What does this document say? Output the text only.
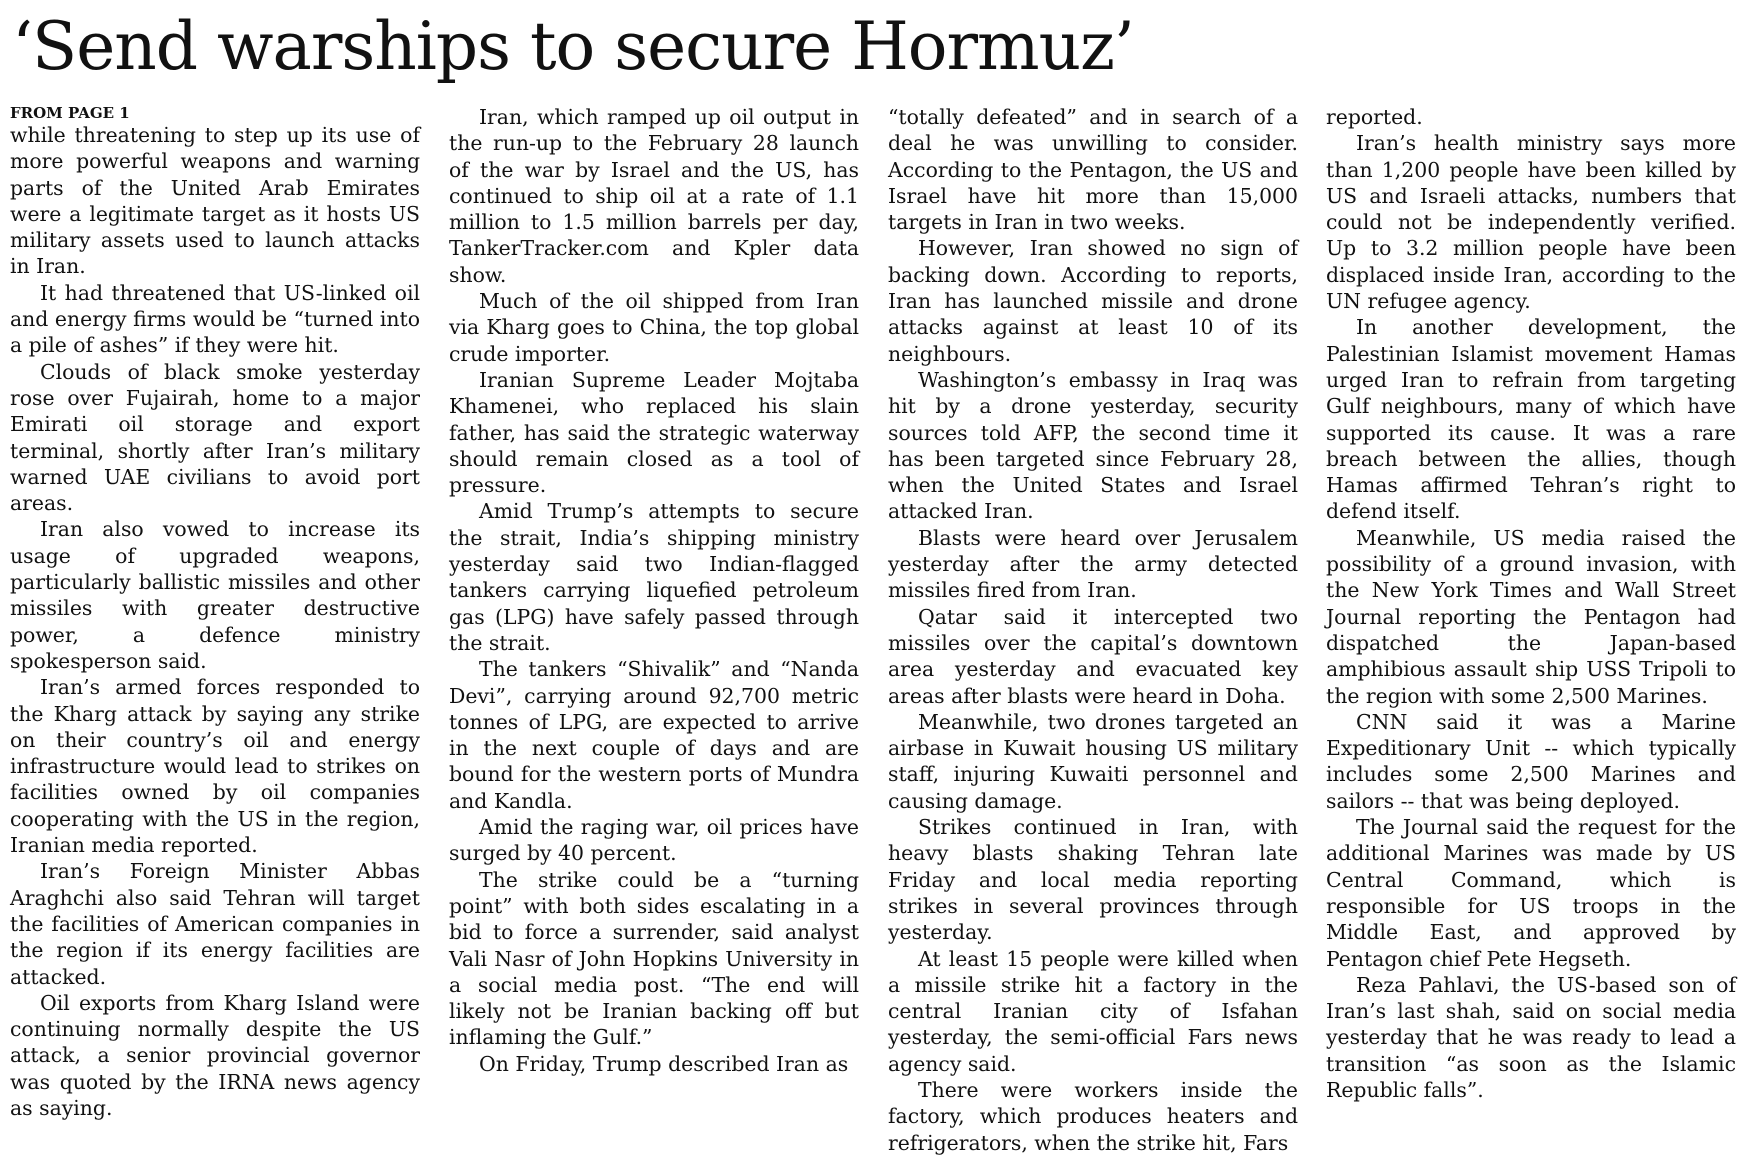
‘Send warships to secure Hormuz’
FROM PAGE 1

while threatening to step up its use of more powerful weapons and warning parts of the United Arab Emirates were a legitimate target as it hosts US military assets used to launch attacks in Iran.

It had threatened that US-linked oil and energy firms would be “turned into a pile of ashes” if they were hit.

Clouds of black smoke yesterday rose over Fujairah, home to a major Emirati oil storage and export terminal, shortly after Iran’s military warned UAE civilians to avoid port areas.

Iran also vowed to increase its usage of upgraded weapons, particularly ballistic missiles and other missiles with greater destructive power, a defence ministry spokesperson said.

Iran’s armed forces responded to the Kharg attack by saying any strike on their country’s oil and energy infrastructure would lead to strikes on facilities owned by oil companies cooperating with the US in the region, Iranian media reported.

Iran’s Foreign Minister Abbas Araghchi also said Tehran will target the facilities of American companies in the region if its energy facilities are attacked.

Oil exports from Kharg Island were continuing normally despite the US attack, a senior provincial governor was quoted by the IRNA news agency as saying.

Iran, which ramped up oil output in the run-up to the February 28 launch of the war by Israel and the US, has continued to ship oil at a rate of 1.1 million to 1.5 million barrels per day, TankerTracker.com and Kpler data show.

Much of the oil shipped from Iran via Kharg goes to China, the top global crude importer.

Iranian Supreme Leader Mojtaba Khamenei, who replaced his slain father, has said the strategic waterway should remain closed as a tool of pressure.

Amid Trump’s attempts to secure the strait, India’s shipping ministry yesterday said two Indian-flagged tankers carrying liquefied petroleum gas (LPG) have safely passed through the strait.

The tankers “Shivalik” and “Nanda Devi”, carrying around 92,700 metric tonnes of LPG, are expected to arrive in the next couple of days and are bound for the western ports of Mundra and Kandla.

Amid the raging war, oil prices have surged by 40 percent.

The strike could be a “turning point” with both sides escalating in a bid to force a surrender, said analyst Vali Nasr of John Hopkins University in a social media post. “The end will likely not be Iranian backing off but inflaming the Gulf.”

On Friday, Trump described Iran as

“totally defeated” and in search of a deal he was unwilling to consider. According to the Pentagon, the US and Israel have hit more than 15,000 targets in Iran in two weeks.

However, Iran showed no sign of backing down. According to reports, Iran has launched missile and drone attacks against at least 10 of its neighbours.

Washington’s embassy in Iraq was hit by a drone yesterday, security sources told AFP, the second time it has been targeted since February 28, when the United States and Israel attacked Iran.

Blasts were heard over Jerusalem yesterday after the army detected missiles fired from Iran.

Qatar said it intercepted two missiles over the capital’s downtown area yesterday and evacuated key areas after blasts were heard in Doha.

Meanwhile, two drones targeted an airbase in Kuwait housing US military staff, injuring Kuwaiti personnel and causing damage.

Strikes continued in Iran, with heavy blasts shaking Tehran late Friday and local media reporting strikes in several provinces through yesterday.

At least 15 people were killed when a missile strike hit a factory in the central Iranian city of Isfahan yesterday, the semi-official Fars news agency said.

There were workers inside the factory, which produces heaters and refrigerators, when the strike hit, Fars

reported.

Iran’s health ministry says more than 1,200 people have been killed by US and Israeli attacks, numbers that could not be independently verified. Up to 3.2 million people have been displaced inside Iran, according to the UN refugee agency.

In another development, the Palestinian Islamist movement Hamas urged Iran to refrain from targeting Gulf neighbours, many of which have supported its cause. It was a rare breach between the allies, though Hamas affirmed Tehran’s right to defend itself.

Meanwhile, US media raised the possibility of a ground invasion, with the New York Times and Wall Street Journal reporting the Pentagon had dispatched the Japan-based amphibious assault ship USS Tripoli to the region with some 2,500 Marines.

CNN said it was a Marine Expeditionary Unit -- which typically includes some 2,500 Marines and sailors -- that was being deployed.

The Journal said the request for the additional Marines was made by US Central Command, which is responsible for US troops in the Middle East, and approved by Pentagon chief Pete Hegseth.

Reza Pahlavi, the US-based son of Iran’s last shah, said on social media yesterday that he was ready to lead a transition “as soon as the Islamic Republic falls”.
